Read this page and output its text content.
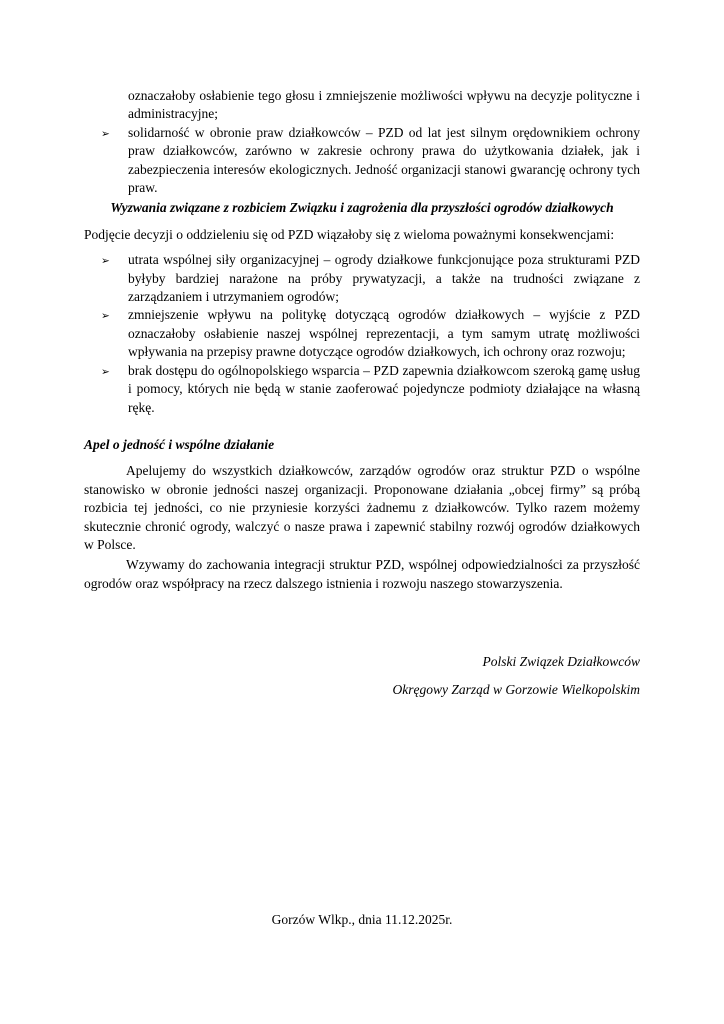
oznaczałoby osłabienie tego głosu i zmniejszenie możliwości wpływu na decyzje polityczne i administracyjne;
➢ solidarność w obronie praw działkowców – PZD od lat jest silnym orędownikiem ochrony praw działkowców, zarówno w zakresie ochrony prawa do użytkowania działek, jak i zabezpieczenia interesów ekologicznych. Jedność organizacji stanowi gwarancję ochrony tych praw.
Wyzwania związane z rozbiciem Związku i zagrożenia dla przyszłości ogrodów działkowych

Podjęcie decyzji o oddzieleniu się od PZD wiązałoby się z wieloma poważnymi konsekwencjami:

➢ utrata wspólnej siły organizacyjnej – ogrody działkowe funkcjonujące poza strukturami PZD byłyby bardziej narażone na próby prywatyzacji, a także na trudności związane z zarządzaniem i utrzymaniem ogrodów;
➢ zmniejszenie wpływu na politykę dotyczącą ogrodów działkowych – wyjście z PZD oznaczałoby osłabienie naszej wspólnej reprezentacji, a tym samym utratę możliwości wpływania na przepisy prawne dotyczące ogrodów działkowych, ich ochrony oraz rozwoju;
➢ brak dostępu do ogólnopolskiego wsparcia – PZD zapewnia działkowcom szeroką gamę usług i pomocy, których nie będą w stanie zaoferować pojedyncze podmioty działające na własną rękę.
Apel o jedność i wspólne działanie

Apelujemy do wszystkich działkowców, zarządów ogrodów oraz struktur PZD o wspólne stanowisko w obronie jedności naszej organizacji. Proponowane działania „obcej firmy” są próbą rozbicia tej jedności, co nie przyniesie korzyści żadnemu z działkowców. Tylko razem możemy skutecznie chronić ogrody, walczyć o nasze prawa i zapewnić stabilny rozwój ogrodów działkowych w Polsce.

Wzywamy do zachowania integracji struktur PZD, wspólnej odpowiedzialności za przyszłość ogrodów oraz współpracy na rzecz dalszego istnienia i rozwoju naszego stowarzyszenia.

Polski Związek Działkowców
Okręgowy Zarząd w Gorzowie Wielkopolskim
Gorzów Wlkp., dnia 11.12.2025r.
